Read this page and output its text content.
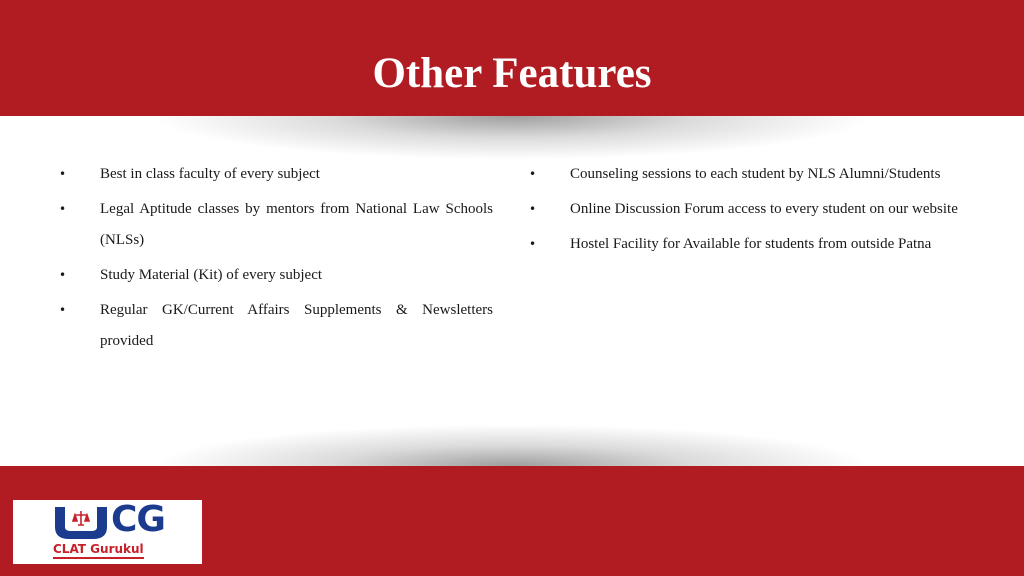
Other Features
• Best in class faculty of every subject
• Legal Aptitude classes by mentors from National Law Schools (NLSs)
• Study Material (Kit) of every subject
• Regular GK/Current Affairs Supplements & Newsletters provided
• Counseling sessions to each student by NLS Alumni/Students
• Online Discussion Forum access to every student on our website
• Hostel Facility for Available for students from outside Patna
CG
CLAT Gurukul
